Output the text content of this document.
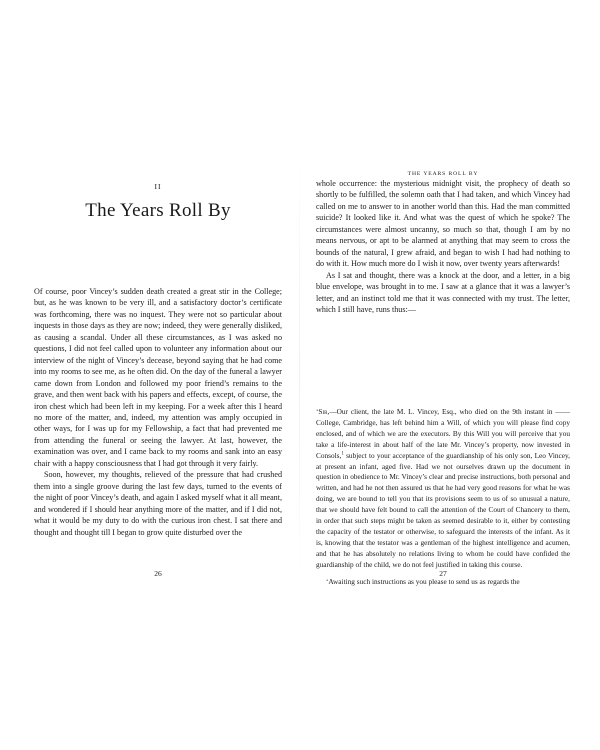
II
The Years Roll By

Of course, poor Vincey’s sudden death created a great stir in the College; but, as he was known to be very ill, and a satisfactory doctor’s certificate was forthcoming, there was no inquest. They were not so particular about inquests in those days as they are now; indeed, they were generally disliked, as causing a scandal. Under all these circumstances, as I was asked no questions, I did not feel called upon to volunteer any information about our interview of the night of Vincey’s decease, beyond saying that he had come into my rooms to see me, as he often did. On the day of the funeral a lawyer came down from London and followed my poor friend’s remains to the grave, and then went back with his papers and effects, except, of course, the iron chest which had been left in my keeping. For a week after this I heard no more of the matter, and, indeed, my attention was amply occupied in other ways, for I was up for my Fellowship, a fact that had prevented me from attending the funeral or seeing the lawyer. At last, however, the examination was over, and I came back to my rooms and sank into an easy chair with a happy consciousness that I had got through it very fairly.

Soon, however, my thoughts, relieved of the pressure that had crushed them into a single groove during the last few days, turned to the events of the night of poor Vincey’s death, and again I asked myself what it all meant, and wondered if I should hear anything more of the matter, and if I did not, what it would be my duty to do with the curious iron chest. I sat there and thought and thought till I began to grow quite disturbed over the

26
THE YEARS ROLL BY

whole occurrence: the mysterious midnight visit, the prophecy of death so shortly to be fulfilled, the solemn oath that I had taken, and which Vincey had called on me to answer to in another world than this. Had the man committed suicide? It looked like it. And what was the quest of which he spoke? The circumstances were almost uncanny, so much so that, though I am by no means nervous, or apt to be alarmed at anything that may seem to cross the bounds of the natural, I grew afraid, and began to wish I had had nothing to do with it. How much more do I wish it now, over twenty years afterwards!

As I sat and thought, there was a knock at the door, and a letter, in a big blue envelope, was brought in to me. I saw at a glance that it was a lawyer’s letter, and an instinct told me that it was connected with my trust. The letter, which I still have, runs thus:—

‘Sir,—Our client, the late M. L. Vincey, Esq., who died on the 9th instant in —— College, Cambridge, has left behind him a Will, of which you will please find copy enclosed, and of which we are the executors. By this Will you will perceive that you take a life-interest in about half of the late Mr. Vincey’s property, now invested in Consols,$^1$ subject to your acceptance of the guardianship of his only son, Leo Vincey, at present an infant, aged five. Had we not ourselves drawn up the document in question in obedience to Mr. Vincey’s clear and precise instructions, both personal and written, and had he not then assured us that he had very good reasons for what he was doing, we are bound to tell you that its provisions seem to us of so unusual a nature, that we should have felt bound to call the attention of the Court of Chancery to them, in order that such steps might be taken as seemed desirable to it, either by contesting the capacity of the testator or otherwise, to safeguard the interests of the infant. As it is, knowing that the testator was a gentleman of the highest intelligence and acumen, and that he has absolutely no relations living to whom he could have confided the guardianship of the child, we do not feel justified in taking this course.

‘Awaiting such instructions as you please to send us as regards the

27
